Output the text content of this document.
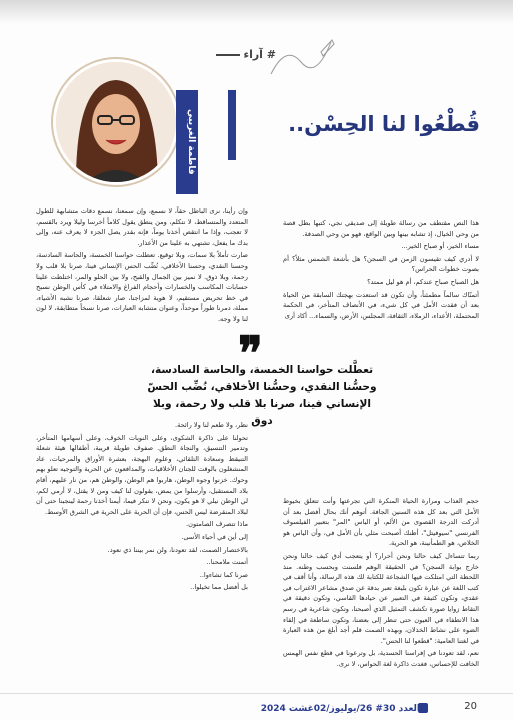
# آراء
قُطْعُوا لنا الحِسْن..
فاطمة الغريبي

هذا النص مقتطف من رسالة طويلة إلى صديقي نجي، كتبها بطل قصة من وحي الخيال، إذ تشابه بينها وبين الواقع، فهو من وحي الصدفة.

مساء الخير، أو صباح الخير...

لا أدري كيف تقيسون الزمن في السجن؟ هل بأشعة الشمس مثلاً؟ أم بصوت خطوات الحراس؟

هل الصباح صباح عندكم، أم هو ليل ممتد؟

أتمنّاك سالماً مطمئناً، وأن تكون قد استعدت بهجتك السابقة من الحياة بعد أن فقدت الأمل في كل شيء، في الأنصاف المتأخر، في الحكمة المحتملة، الأعداء، الزملاء، الثقافة، المجلس، الأرض، والسماء... أكاد أرى

وإن رأينا، نرى الباطل حقاً، لا نسمع، وإن سمعنا، نسمع دقات متشابهة للطول المتعدد والمتساقط، لا نتكلم، ومن ينطق يقول كلاماً أخرسا وليلا ويرد بالقسم، لا تعجب، وإذا ما انتقص أخذنا يوماً، فإنه بقدر يصل الجزء لا يعرف عنه، وإلى بدك ما يفعل، تشتهي به علينا من الأعذار.

صارت تأملاً بلا سمات، وبلا توقيع. تعطلت حواسنا الخمسة، والحاسة السادسة، وحسنا النقدي، وحسنا الأخلاقي، نُضِّب الحس الإنساني فينا، صرنا بلا قلب ولا رحمة، وبلا ذوق. لا نميز بين الجمال والقبح، ولا بين الحلو والمر، اختلطت علينا حسابات المكاسب والخسارات وأحجام الفراغ والامتلاء في كأس الوطن نسبح في خط تحريض مستقيم، لا هوية لمزاجنا، صار شعلقا، صرنا نشبه الأشياء، مملة، دمرنا طوراً موحداً، وعنوان متشابه العبارات، صرنا نسخاً متطابقة، لا لون لنا ولا وجه.

❞
تعطَّلت حواسنا الخمسة، والحاسة السادسة، وحسُّنا النقدي، وحسُّنا الأخلاقي، نُضِّب الحسّ الإنساني فينا، صرنا بلا قلب ولا رحمة، وبلا دوق

نظر، ولا طعم لنا ولا رائحة.

تحولنا على ذاكرة الشكوى، وعلى النوبات الخوف، وعلى أسهامها المتأخر، وتدمير التنسيق، والنجاة النطق. صفوف طويلة قريبة، أطفالها هيئة شعلة التنيقظ وسعادة التلقائي، وعلوم البهجة، بعشرة الأوراق والمرحيات، عاد المنشغلون بالوقت للجنان الأخلاقيات، والمدافعون عن الحرية والتوجيه تعلو بهم وحوك. خزنوا وجوه الوطن، هاربوا هم الوطن، والوطن هم، من نار عليهم، أقام بلاد المستقبل، وأرسلوا من يمض، يقولون لنا كيف ومن لا يقتل، لا أرمي لكم، لي الوطن نيلي لا هو يكون، ونحن لا ننكر فيما، أيمنا أخذنا رحمة لينجبنا حتى أن لبلاد المنقرضة ليس الحس، فإن أن الحرية على الحرية في الشرق الأوسط.

ماذا تتصرف الصامتون.

إلى أين في أحياء الأسى.

بالاختصار الصمت، لقد تعودنا، ولن نمر بيننا ذي نعود.

أتمنت ملامحنا..

صرنا كما تشاءوا..

بل أفضل مما تخيلوا..

حجم العذاب ومرارة الحياة المنكرة التي تجرعتها وأنت تتعلق بخيوط الأمل التي بعد كل هذه السنين الجافة. أتوهم أنك بحال أفضل بعد أن أدركت الدرجة القصوى من الألم، أو الياس "المر" بتعبير الفيلسوف الفرنسي "سيوفيتل"، أظنك أصبحت مثلي بأن الأمل في، وأن الياس هو الخلاص، هو الطمأنينة، هو الحرية.

ربما تتساءل كيف حالنا ونحن أحرار؟ أو يتعجب أدق كيف حالنا ونحن خارج بوابة السجن؟ في الحقيقة الوهم فلسنت وبحسب وطنه. منذ اللحظة التي امتلكت فيها الشجاعة للكتابة لك هذه الرسالة، وأنا أقف في كتب اللغة عن عبارة تكون بليغة تعبر بدقة عن صدق مشاعر الاغتراب في عقدي، وتكون كثيفة في التعبير عن حيادها القاسي، وتكون دقيقة في التقاط زوايا صورة تكشف التمثيل الذي أصبحنا، وتكون شاعرية في رسم هذا الانطفاء في العيون حتى تنظر إلى بعضنا، وتكون ساطعة في إلقاء الضوء على نشاط الخذلان، وبهذه الصمت قلم أجد أبلغ من هذه العبارة في لغتنا العامية: "قطعوا لنا الحس".

نعم، لقد تعودنا في إفراسنا الحسدية، بل وترعونا في قطع نفس الهمس الخافت للإحساس، فغدت ذاكرة لغة الحواس، لا نرى.

العدد 30# 26/يوليوز/02غشت 2024	20
